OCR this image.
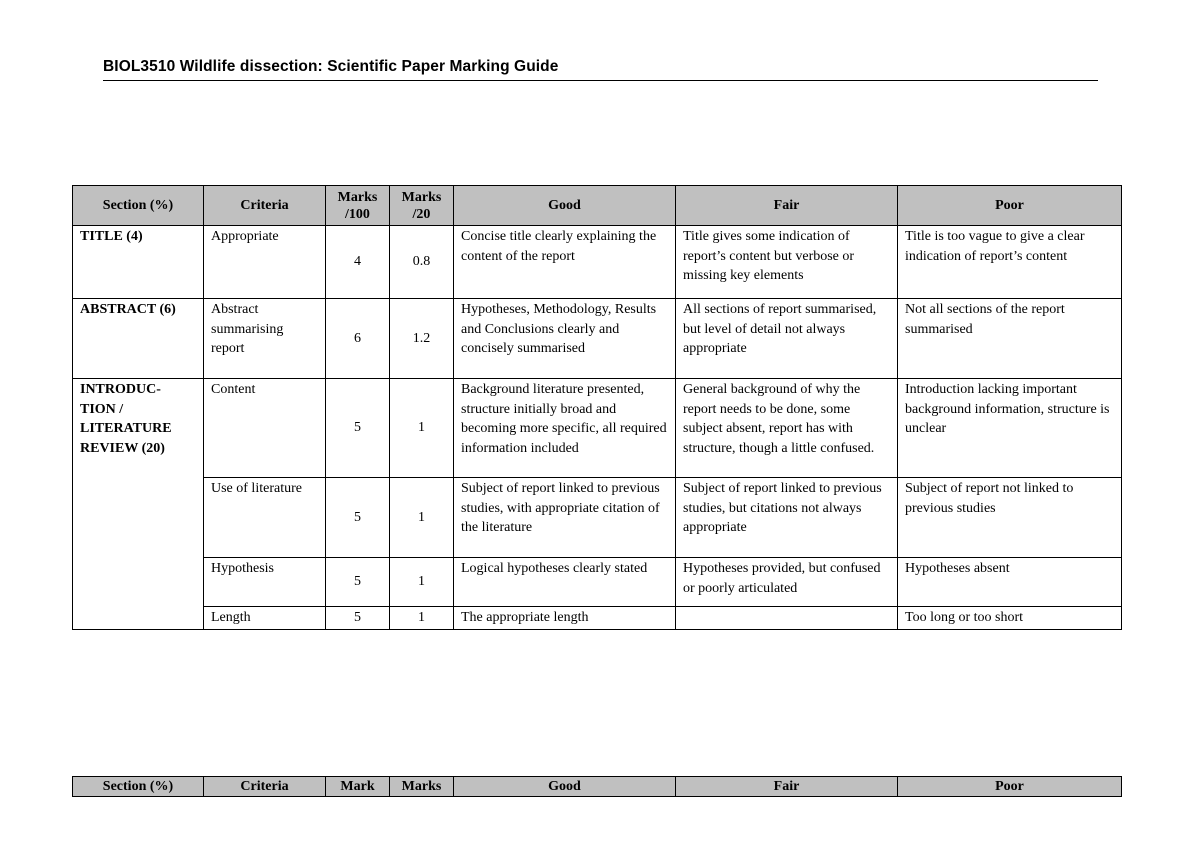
BIOL3510 Wildlife dissection: Scientific Paper Marking Guide
Section (%)	Criteria	Marks /100	Marks /20	Good	Fair	Poor
TITLE (4)	Appropriate	4	0.8	Concise title clearly explaining the content of the report	Title gives some indication of report’s content but verbose or missing key elements	Title is too vague to give a clear indication of report’s content
ABSTRACT (6)	Abstract summarising report	6	1.2	Hypotheses, Methodology, Results and Conclusions clearly and concisely summarised	All sections of report summarised, but level of detail not always appropriate	Not all sections of the report summarised
INTRODUC-TION / LITERATURE REVIEW (20)	Content	5	1	Background literature presented, structure initially broad and becoming more specific, all required information included	General background of why the report needs to be done, some subject absent, report has with structure, though a little confused.	Introduction lacking important background information, structure is unclear
	Use of literature	5	1	Subject of report linked to previous studies, with appropriate citation of the literature	Subject of report linked to previous studies, but citations not always appropriate	Subject of report not linked to previous studies
	Hypothesis	5	1	Logical hypotheses clearly stated	Hypotheses provided, but confused or poorly articulated	Hypotheses absent
	Length	5	1	The appropriate length		Too long or too short
Section (%)	Criteria	Mark	Marks	Good	Fair	Poor
